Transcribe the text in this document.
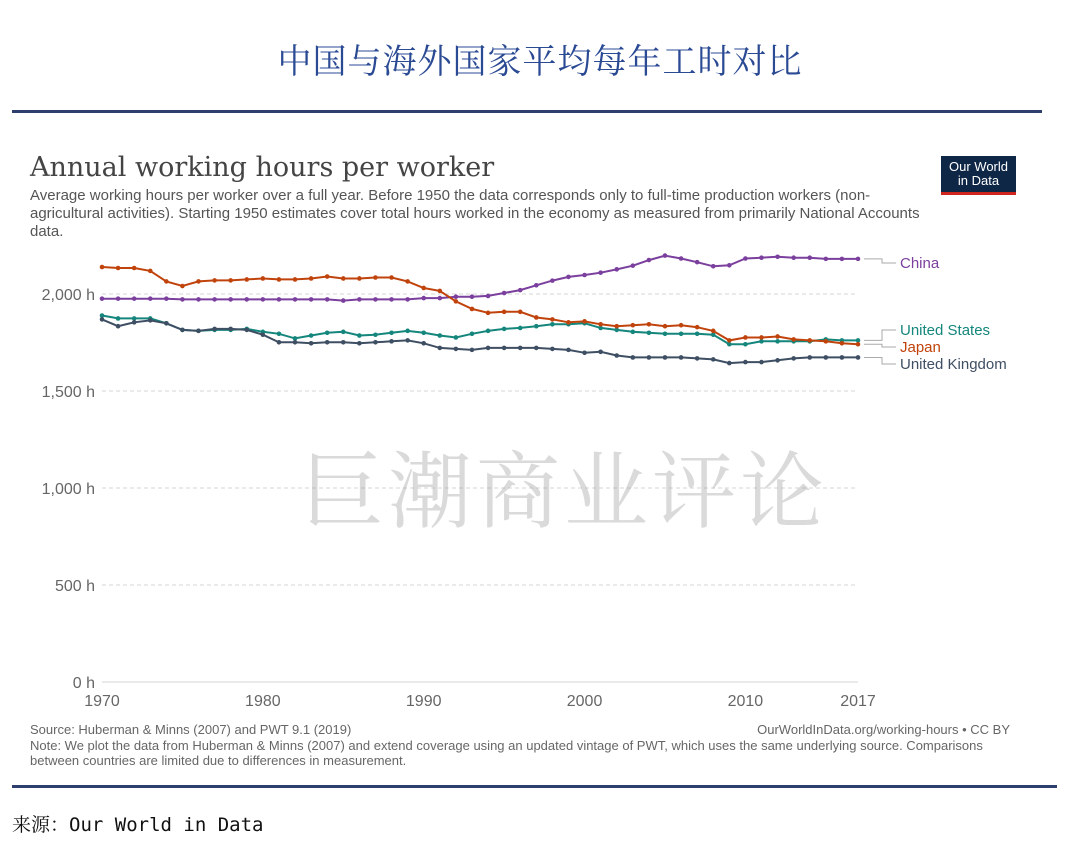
中国与海外国家平均每年工时对比
Annual working hours per worker
Average working hours per worker over a full year. Before 1950 the data corresponds only to full-time production workers (non-agricultural activities). Starting 1950 estimates cover total hours worked in the economy as measured from primarily National Accounts data.
Our World
in Data
0 h
500 h
1,000 h
1,500 h
2,000 h
1970	1980	1990	2000	2010	2017
China
United States
Japan
United Kingdom
巨潮商业评论
Source: Huberman & Minns (2007) and PWT 9.1 (2019)	OurWorldInData.org/working-hours • CC BY
Note: We plot the data from Huberman & Minns (2007) and extend coverage using an updated vintage of PWT, which uses the same underlying source. Comparisons between countries are limited due to differences in measurement.
来源：Our World in Data
